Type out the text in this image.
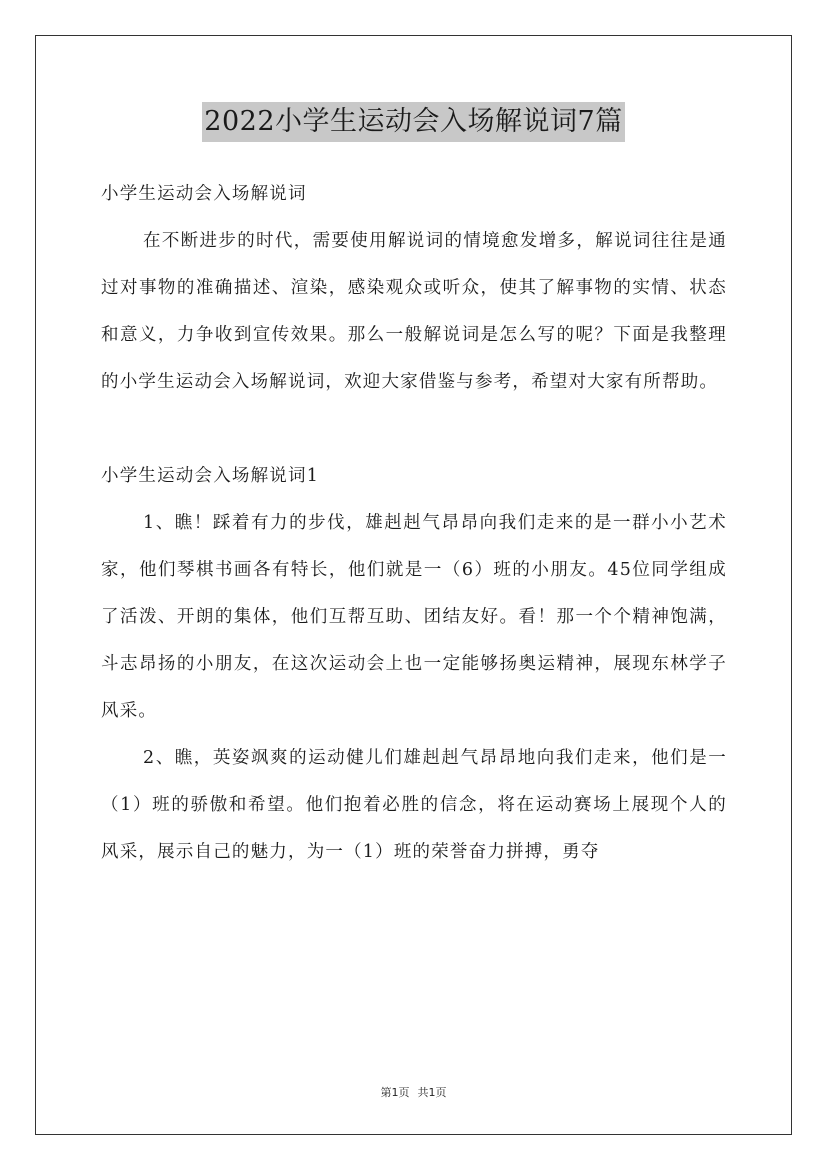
2022小学生运动会入场解说词7篇

小学生运动会入场解说词

在不断进步的时代，需要使用解说词的情境愈发增多，解说词往往是通过对事物的准确描述、渲染，感染观众或听众，使其了解事物的实情、状态和意义，力争收到宣传效果。那么一般解说词是怎么写的呢？下面是我整理的小学生运动会入场解说词，欢迎大家借鉴与参考，希望对大家有所帮助。

小学生运动会入场解说词1

1、瞧！踩着有力的步伐，雄赳赳气昂昂向我们走来的是一群小小艺术家，他们琴棋书画各有特长，他们就是一（6）班的小朋友。45位同学组成了活泼、开朗的集体，他们互帮互助、团结友好。看！那一个个精神饱满，斗志昂扬的小朋友，在这次运动会上也一定能够扬奥运精神，展现东林学子风采。

2、瞧，英姿飒爽的运动健儿们雄赳赳气昂昂地向我们走来，他们是一（1）班的骄傲和希望。他们抱着必胜的信念，将在运动赛场上展现个人的风采，展示自己的魅力，为一（1）班的荣誉奋力拼搏，勇夺

第1页 共1页
